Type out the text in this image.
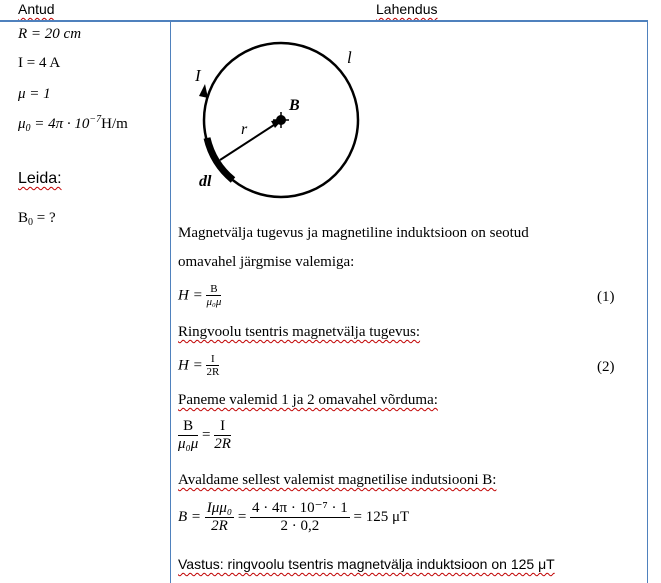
Antud	Lahendus
R = 20 cm
I = 4 A
μ = 1
$\mu_0 = 4\pi \cdot 10^{-7}H/m$
Leida:
$B_0$ = ?
I
l
B
r
dl⃗
Magnetvälja tugevus ja magnetiline induktsioon on seotud
omavahel järgmise valemiga:
$H = \frac{B}{\text{μ₀μ}}$	(1)
Ringvoolu tsentris magnetvälja tugevus:
$H = \frac{I}{2R}$	(2)
Paneme valemid 1 ja 2 omavahel võrduma:
$\frac{B}{\text{μ₀μ}} = \frac{I}{2R}$
Avaldame sellest valemist magnetilise indutsiooni B:
$B = \frac{\text{Iμμ₀}}{2R} = \frac{\text{4 · 4π · 10⁻⁷ · 1}}{2 \cdot 0,2} = 125$ μT
Vastus: ringvoolu tsentris magnetvälja induktsioon on 125 μT
